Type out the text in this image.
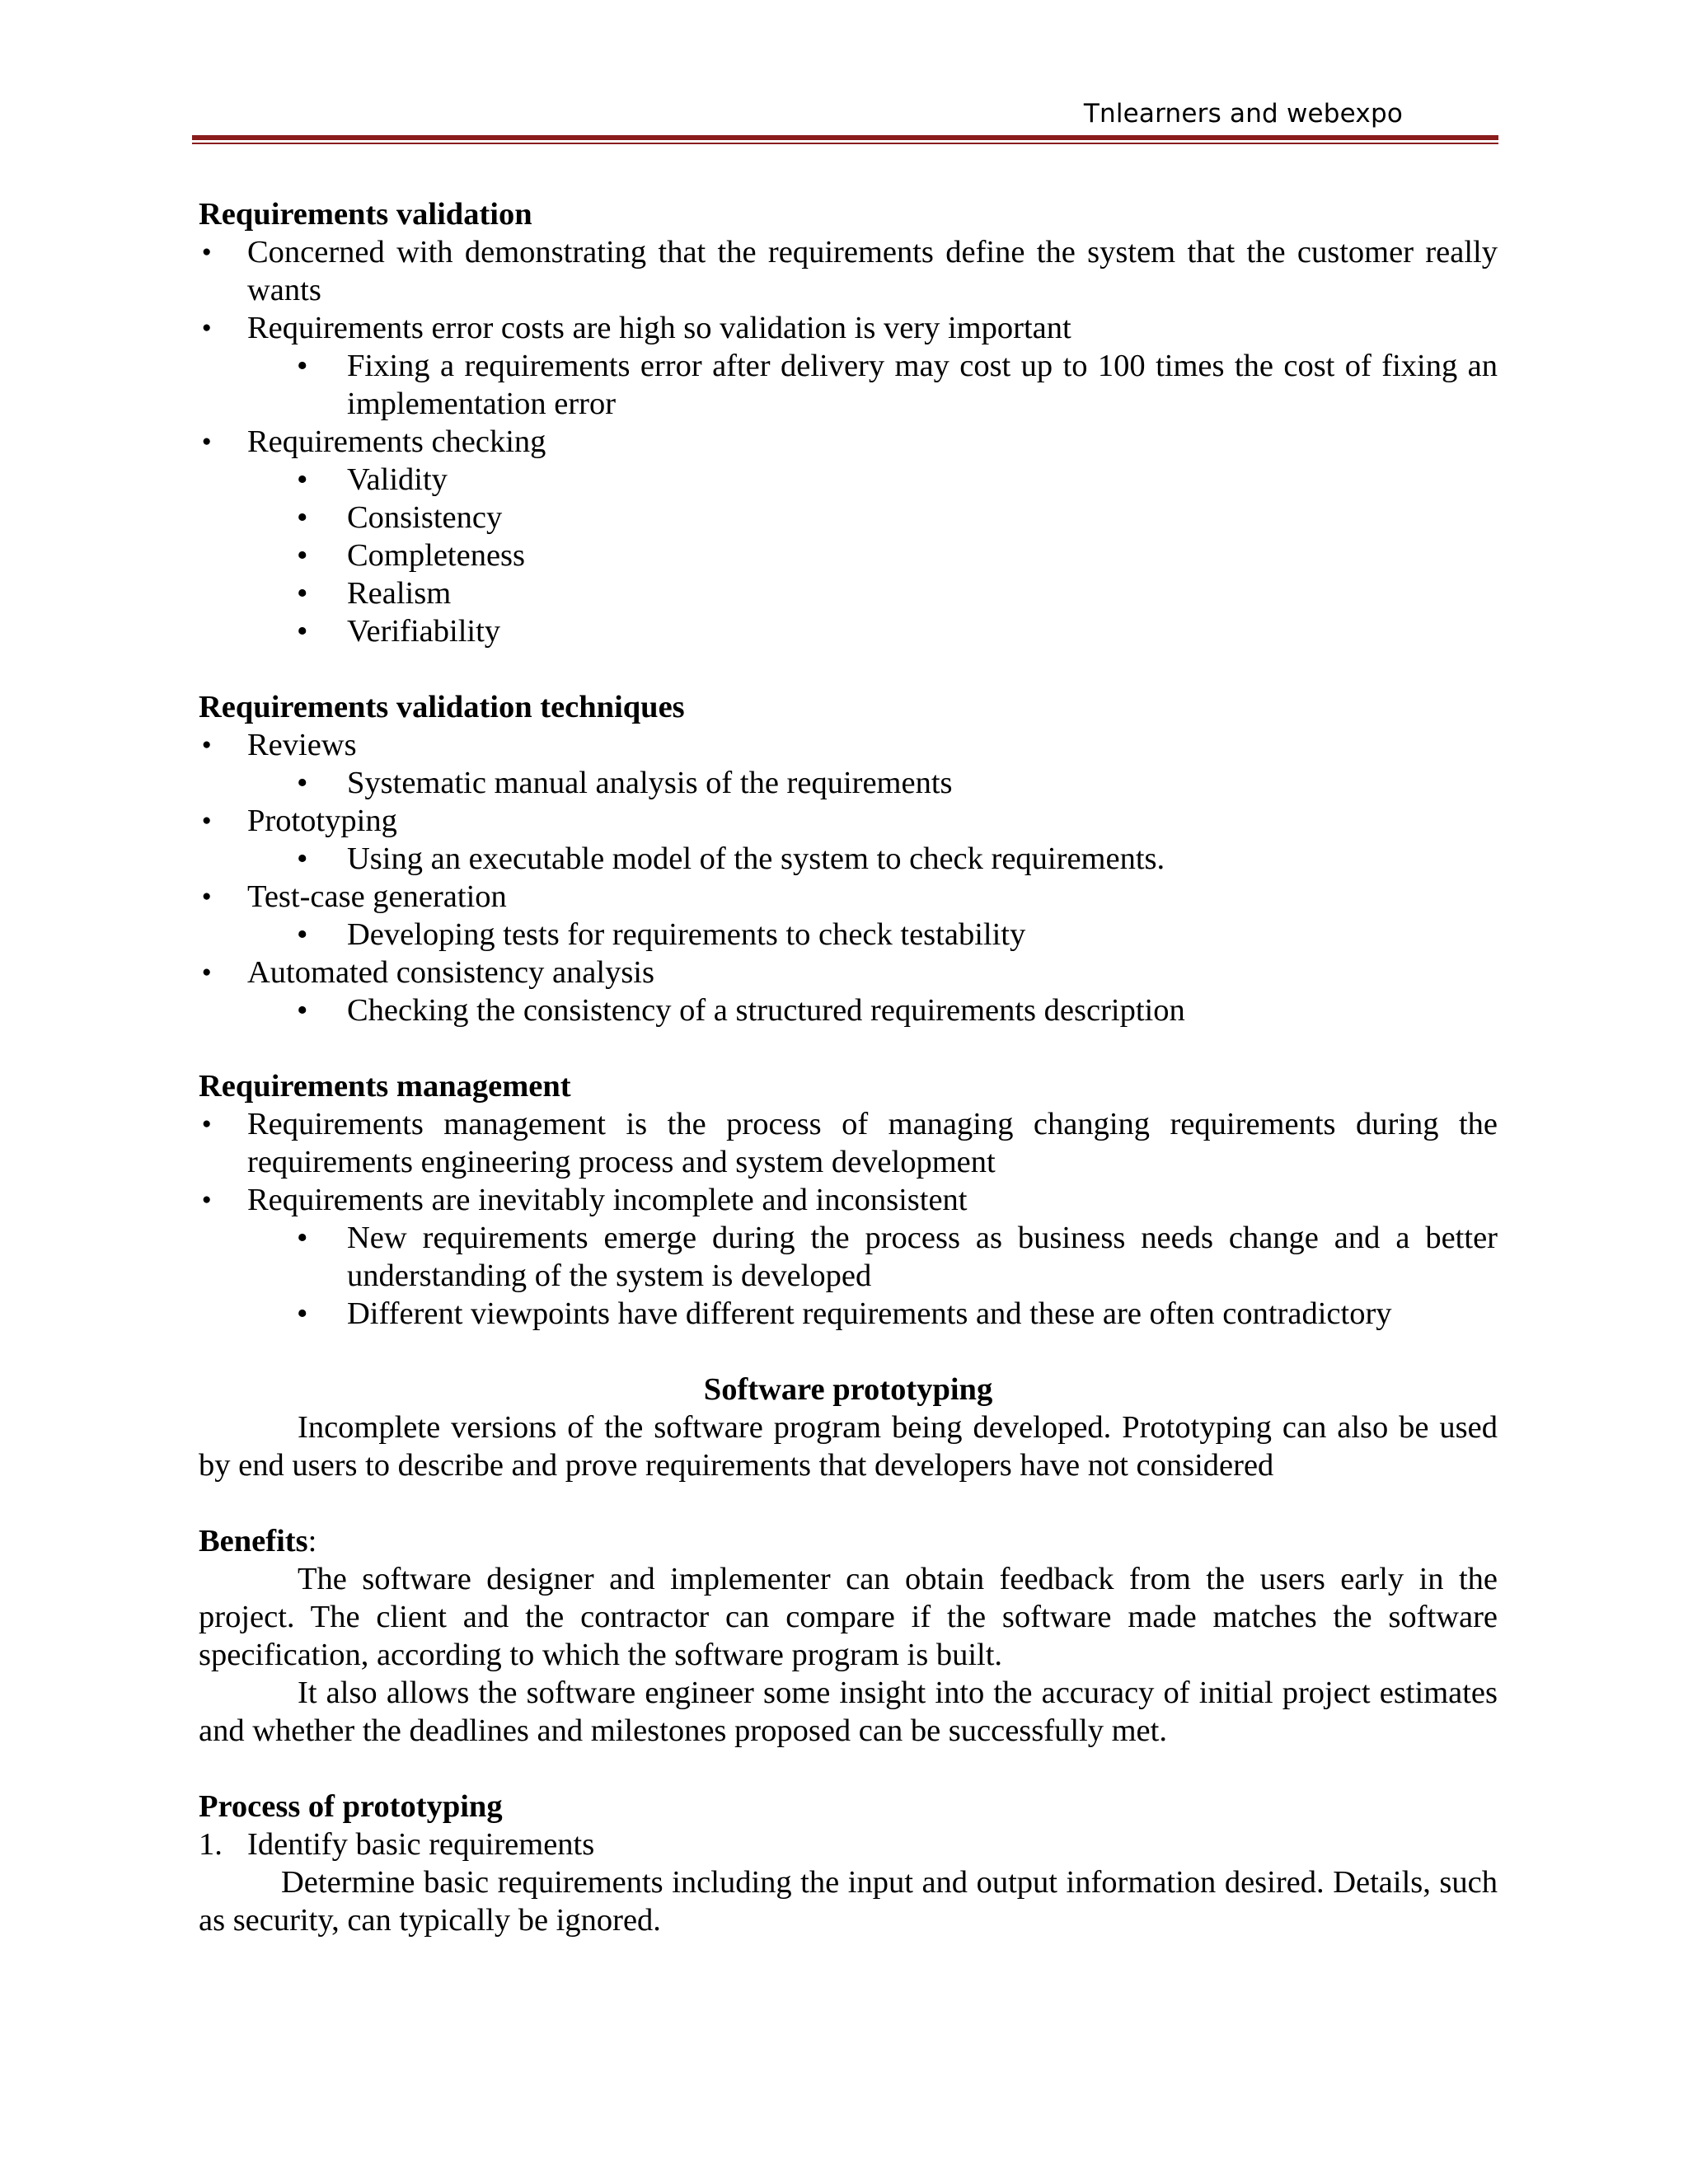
Tnlearners and webexpo
Requirements validation
● Concerned with demonstrating that the requirements define the system that the customer really wants
● Requirements error costs are high so validation is very important
• Fixing a requirements error after delivery may cost up to 100 times the cost of fixing an implementation error
● Requirements checking
• Validity
• Consistency
• Completeness
• Realism
• Verifiability
Requirements validation techniques
● Reviews
• Systematic manual analysis of the requirements
● Prototyping
• Using an executable model of the system to check requirements.
● Test-case generation
• Developing tests for requirements to check testability
● Automated consistency analysis
• Checking the consistency of a structured requirements description
Requirements management
● Requirements management is the process of managing changing requirements during the requirements engineering process and system development
● Requirements are inevitably incomplete and inconsistent
• New requirements emerge during the process as business needs change and a better understanding of the system is developed
• Different viewpoints have different requirements and these are often contradictory
Software prototyping
Incomplete versions of the software program being developed. Prototyping can also be used by end users to describe and prove requirements that developers have not considered
Benefits:
The software designer and implementer can obtain feedback from the users early in the project. The client and the contractor can compare if the software made matches the software specification, according to which the software program is built.
It also allows the software engineer some insight into the accuracy of initial project estimates and whether the deadlines and milestones proposed can be successfully met.
Process of prototyping
1. Identify basic requirements
Determine basic requirements including the input and output information desired. Details, such as security, can typically be ignored.
